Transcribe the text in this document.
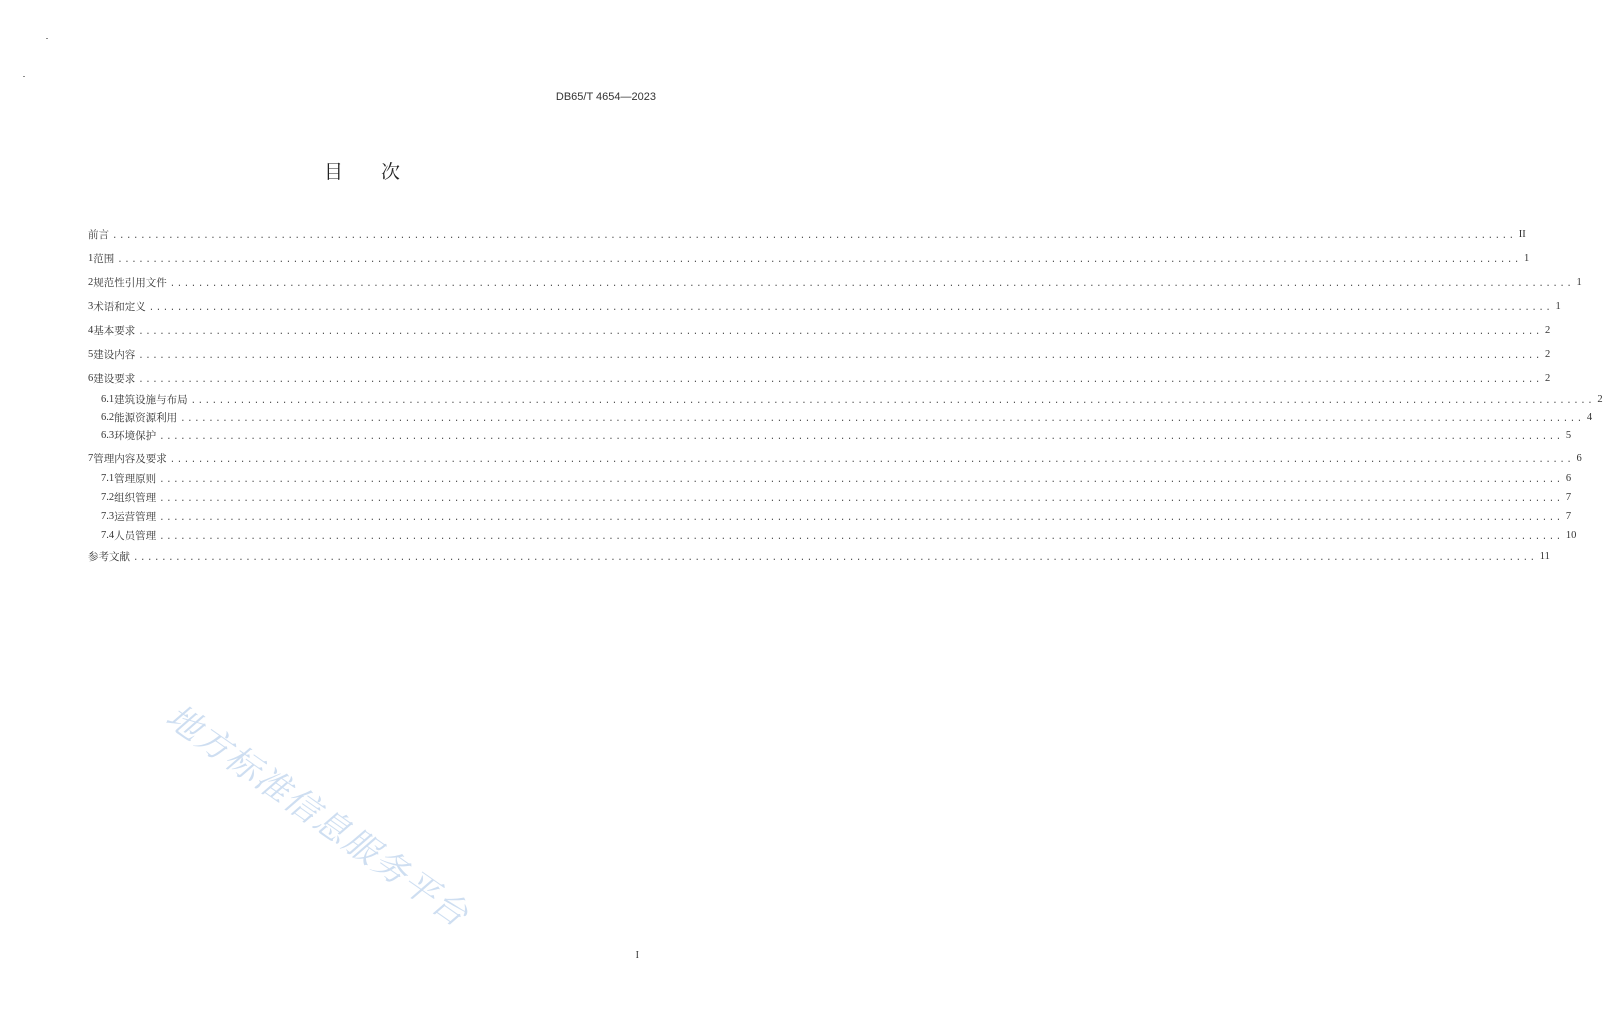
DB65/T 4654—2023
目次
前言 ........................................................................................................................................................................................................ II
1 范围 ........................................................................................................................................................................................................ 1
2 规范性引用文件 ........................................................................................................................................................................................................ 1
3 术语和定义 ........................................................................................................................................................................................................ 1
4 基本要求 ........................................................................................................................................................................................................ 2
5 建设内容 ........................................................................................................................................................................................................ 2
6 建设要求 ........................................................................................................................................................................................................ 2
6.1 建筑设施与布局 ........................................................................................................................................................................................................ 2
6.2 能源资源利用 ........................................................................................................................................................................................................ 4
6.3 环境保护 ........................................................................................................................................................................................................ 5
7 管理内容及要求 ........................................................................................................................................................................................................ 6
7.1 管理原则 ........................................................................................................................................................................................................ 6
7.2 组织管理 ........................................................................................................................................................................................................ 7
7.3 运营管理 ........................................................................................................................................................................................................ 7
7.4 人员管理 ........................................................................................................................................................................................................ 10
参考文献 ........................................................................................................................................................................................................ 11
地方标准信息服务平台
I
